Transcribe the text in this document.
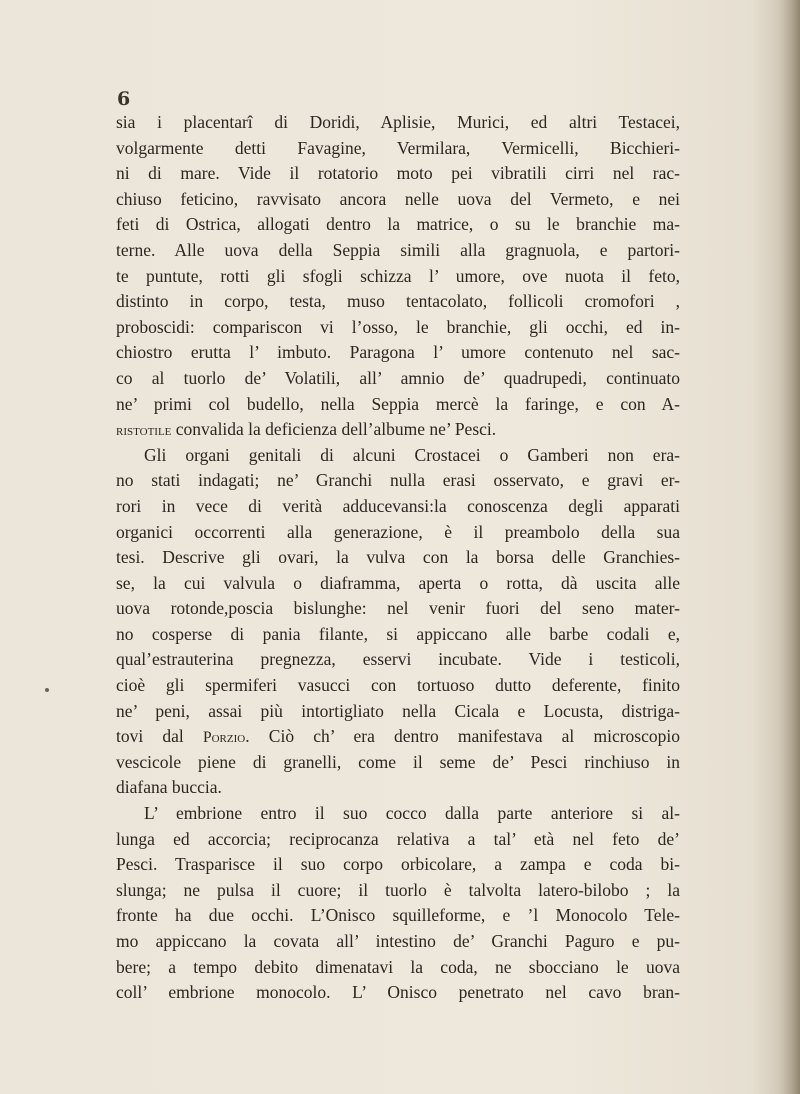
6
sia i placentarî di Doridi, Aplisie, Murici, ed altri Testacei,
volgarmente detti Favagine, Vermilara, Vermicelli, Bicchieri-
ni di mare. Vide il rotatorio moto pei vibratili cirri nel rac-
chiuso feticino, ravvisato ancora nelle uova del Vermeto, e nei
feti di Ostrica, allogati dentro la matrice, o su le branchie ma-
terne. Alle uova della Seppia simili alla gragnuola, e partori-
te puntute, rotti gli sfogli schizza l’ umore, ove nuota il feto,
distinto in corpo, testa, muso tentacolato, follicoli cromofori ,
proboscidi: compariscon vi l’osso, le branchie, gli occhi, ed in-
chiostro erutta l’ imbuto. Paragona l’ umore contenuto nel sac-
co al tuorlo de’ Volatili, all’ amnio de’ quadrupedi, continuato
ne’ primi col budello, nella Seppia mercè la faringe, e con A-
ristotile convalida la deficienza dell’albume ne’ Pesci.
Gli organi genitali di alcuni Crostacei o Gamberi non era-
no stati indagati; ne’ Granchi nulla erasi osservato, e gravi er-
rori in vece di verità adducevansi:la conoscenza degli apparati
organici occorrenti alla generazione, è il preambolo della sua
tesi. Descrive gli ovari, la vulva con la borsa delle Granchies-
se, la cui valvula o diaframma, aperta o rotta, dà uscita alle
uova rotonde,poscia bislunghe: nel venir fuori del seno mater-
no cosperse di pania filante, si appiccano alle barbe codali e,
qual’estrauterina pregnezza, esservi incubate. Vide i testicoli,
cioè gli spermiferi vasucci con tortuoso dutto deferente, finito
ne’ peni, assai più intortigliato nella Cicala e Locusta, distriga-
tovi dal Porzio. Ciò ch’ era dentro manifestava al microscopio
vescicole piene di granelli, come il seme de’ Pesci rinchiuso in
diafana buccia.
L’ embrione entro il suo cocco dalla parte anteriore si al-
lunga ed accorcia; reciprocanza relativa a tal’ età nel feto de’
Pesci. Trasparisce il suo corpo orbicolare, a zampa e coda bi-
slunga; ne pulsa il cuore; il tuorlo è talvolta latero-bilobo ; la
fronte ha due occhi. L’Onisco squilleforme, e ’l Monocolo Tele-
mo appiccano la covata all’ intestino de’ Granchi Paguro e pu-
bere; a tempo debito dimenatavi la coda, ne sbocciano le uova
coll’ embrione monocolo. L’ Onisco penetrato nel cavo bran-
